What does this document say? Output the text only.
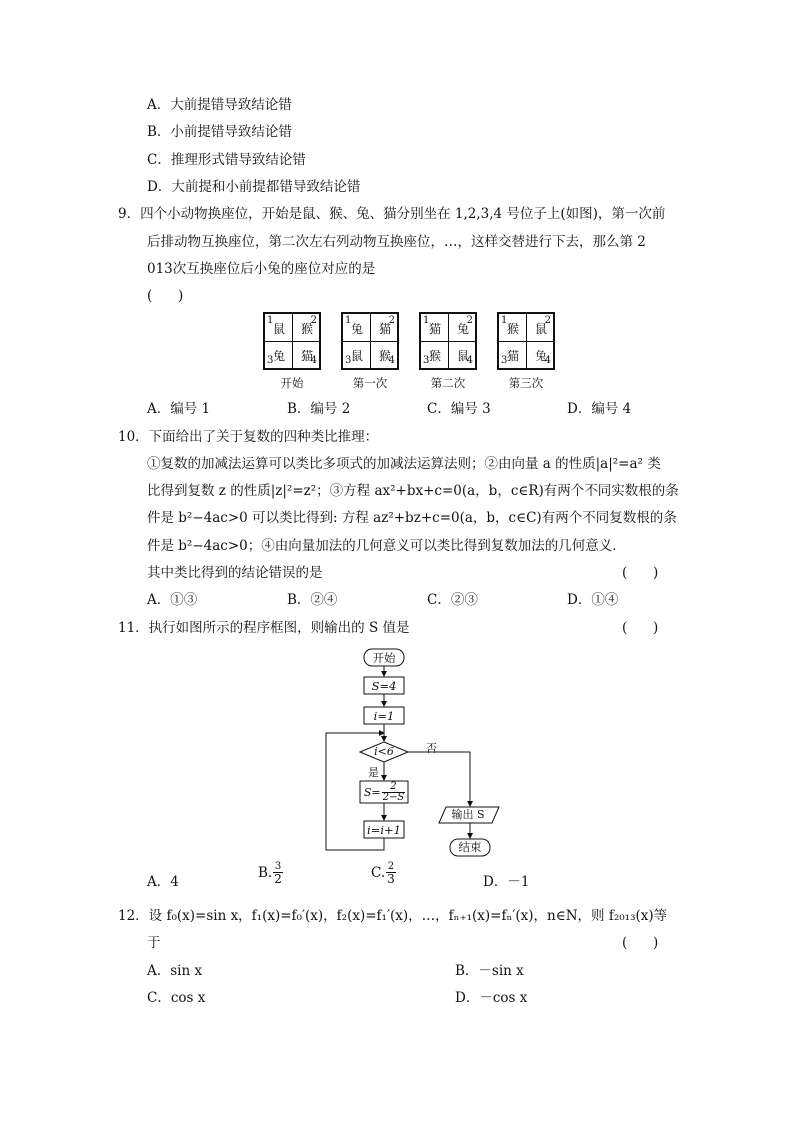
A．大前提错导致结论错
B．小前提错导致结论错
C．推理形式错导致结论错
D．大前提和小前提都错导致结论错
9．四个小动物换座位，开始是鼠、猴、兔、猫分别坐在 1,2,3,4 号位子上(如图)，第一次前
后排动物互换座位，第二次左右列动物互换座位，…，这样交替进行下去，那么第 2
013次互换座位后小兔的座位对应的是
(      )
1	2
3	4
鼠 猴
兔 猫
开始
1	2
3	4
兔 猫
鼠 猴
第一次
1	2
3	4
猫 兔
猴 鼠
第二次
1	2
3	4
猴 鼠
猫 兔
第三次
A．编号 1	B．编号 2	C．编号 3	D．编号 4
10．下面给出了关于复数的四种类比推理：
①复数的加减法运算可以类比多项式的加减法运算法则；②由向量 a 的性质|a|²=a² 类
比得到复数 z 的性质|z|²=z²；③方程 ax²+bx+c=0(a，b，c∈R)有两个不同实数根的条
件是 b²−4ac>0 可以类比得到: 方程 az²+bz+c=0(a，b，c∈C)有两个不同复数根的条
件是 b²−4ac>0；④由向量加法的几何意义可以类比得到复数加法的几何意义．
其中类比得到的结论错误的是	(      )
A．①③	B．②④	C．②③	D．①④
11．执行如图所示的程序框图，则输出的 S 值是	(      )
开始
S=4
i=1
i<6	否
是
$S= \frac{2}{2-S}$
i=i+1
输出 S
结束
A．4
B. $\frac{3}{2}$	C. $\frac{2}{3}$	D．－1
12．设 f₀(x)=sin x，f₁(x)=f₀′(x)，f₂(x)=f₁′(x)，…，fₙ₊₁(x)=fₙ′(x)，n∈N，则 f₂₀₁₃(x)等
于	(      )
A．sin x	B．－sin x
C．cos x	D．－cos x
